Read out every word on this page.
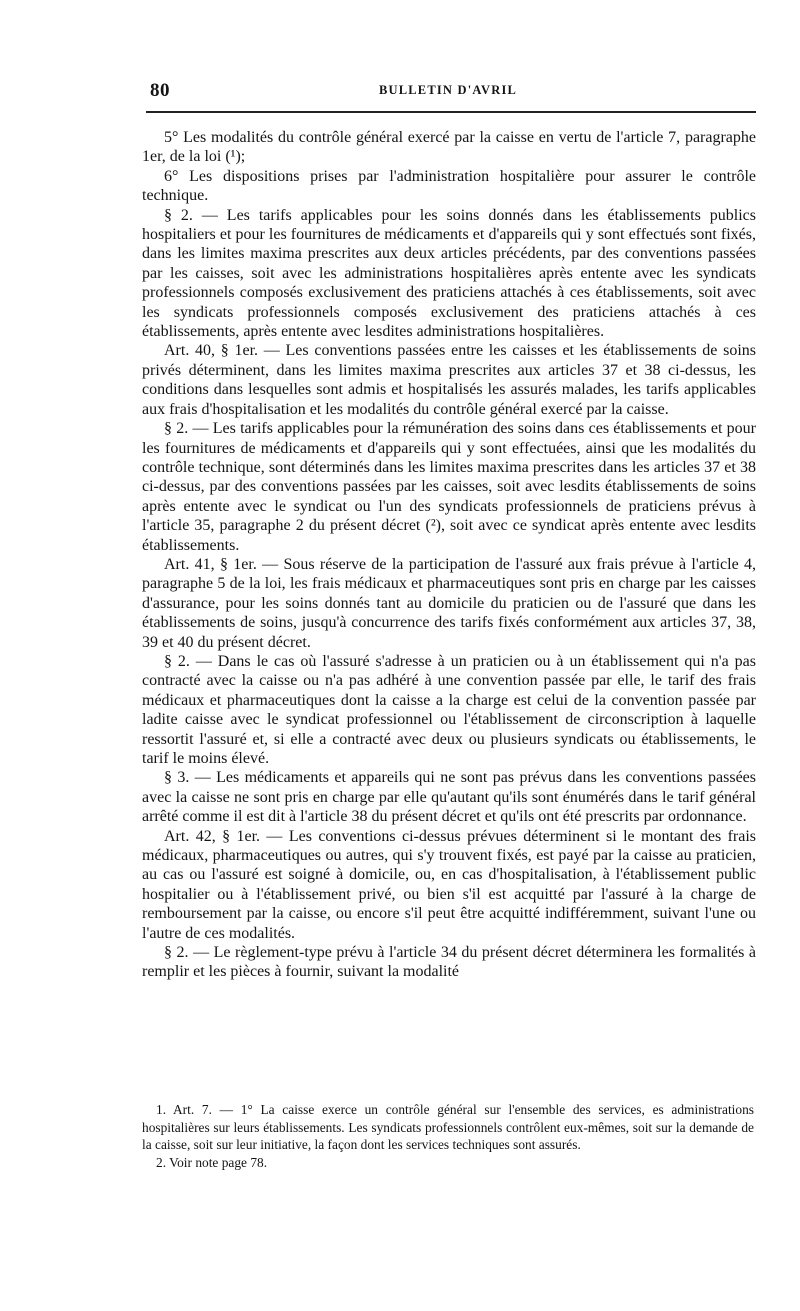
80	BULLETIN D'AVRIL

5° Les modalités du contrôle général exercé par la caisse en vertu de l'article 7, paragraphe 1er, de la loi (¹);

6° Les dispositions prises par l'administration hospitalière pour assurer le contrôle technique.

§ 2. — Les tarifs applicables pour les soins donnés dans les établissements publics hospitaliers et pour les fournitures de médicaments et d'appareils qui y sont effectués sont fixés, dans les limites maxima prescrites aux deux articles précédents, par des conventions passées par les caisses, soit avec les administrations hospitalières après entente avec les syndicats professionnels composés exclusivement des praticiens attachés à ces établissements, soit avec les syndicats professionnels composés exclusivement des praticiens attachés à ces établissements, après entente avec lesdites administrations hospitalières.

Art. 40, § 1er. — Les conventions passées entre les caisses et les établissements de soins privés déterminent, dans les limites maxima prescrites aux articles 37 et 38 ci-dessus, les conditions dans lesquelles sont admis et hospitalisés les assurés malades, les tarifs applicables aux frais d'hospitalisation et les modalités du contrôle général exercé par la caisse.

§ 2. — Les tarifs applicables pour la rémunération des soins dans ces établissements et pour les fournitures de médicaments et d'appareils qui y sont effectuées, ainsi que les modalités du contrôle technique, sont déterminés dans les limites maxima prescrites dans les articles 37 et 38 ci-dessus, par des conventions passées par les caisses, soit avec lesdits établissements de soins après entente avec le syndicat ou l'un des syndicats professionnels de praticiens prévus à l'article 35, paragraphe 2 du présent décret (²), soit avec ce syndicat après entente avec lesdits établissements.

Art. 41, § 1er. — Sous réserve de la participation de l'assuré aux frais prévue à l'article 4, paragraphe 5 de la loi, les frais médicaux et pharmaceutiques sont pris en charge par les caisses d'assurance, pour les soins donnés tant au domicile du praticien ou de l'assuré que dans les établissements de soins, jusqu'à concurrence des tarifs fixés conformément aux articles 37, 38, 39 et 40 du présent décret.

§ 2. — Dans le cas où l'assuré s'adresse à un praticien ou à un établissement qui n'a pas contracté avec la caisse ou n'a pas adhéré à une convention passée par elle, le tarif des frais médicaux et pharmaceutiques dont la caisse a la charge est celui de la convention passée par ladite caisse avec le syndicat professionnel ou l'établissement de circonscription à laquelle ressortit l'assuré et, si elle a contracté avec deux ou plusieurs syndicats ou établissements, le tarif le moins élevé.

§ 3. — Les médicaments et appareils qui ne sont pas prévus dans les conventions passées avec la caisse ne sont pris en charge par elle qu'autant qu'ils sont énumérés dans le tarif général arrêté comme il est dit à l'article 38 du présent décret et qu'ils ont été prescrits par ordonnance.

Art. 42, § 1er. — Les conventions ci-dessus prévues déterminent si le montant des frais médicaux, pharmaceutiques ou autres, qui s'y trouvent fixés, est payé par la caisse au praticien, au cas ou l'assuré est soigné à domicile, ou, en cas d'hospitalisation, à l'établissement public hospitalier ou à l'établissement privé, ou bien s'il est acquitté par l'assuré à la charge de remboursement par la caisse, ou encore s'il peut être acquitté indifféremment, suivant l'une ou l'autre de ces modalités.

§ 2. — Le règlement-type prévu à l'article 34 du présent décret déterminera les formalités à remplir et les pièces à fournir, suivant la modalité

1. Art. 7. — 1° La caisse exerce un contrôle général sur l'ensemble des services, es administrations hospitalières sur leurs établissements. Les syndicats professionnels contrôlent eux-mêmes, soit sur la demande de la caisse, soit sur leur initiative, la façon dont les services techniques sont assurés.

2. Voir note page 78.
